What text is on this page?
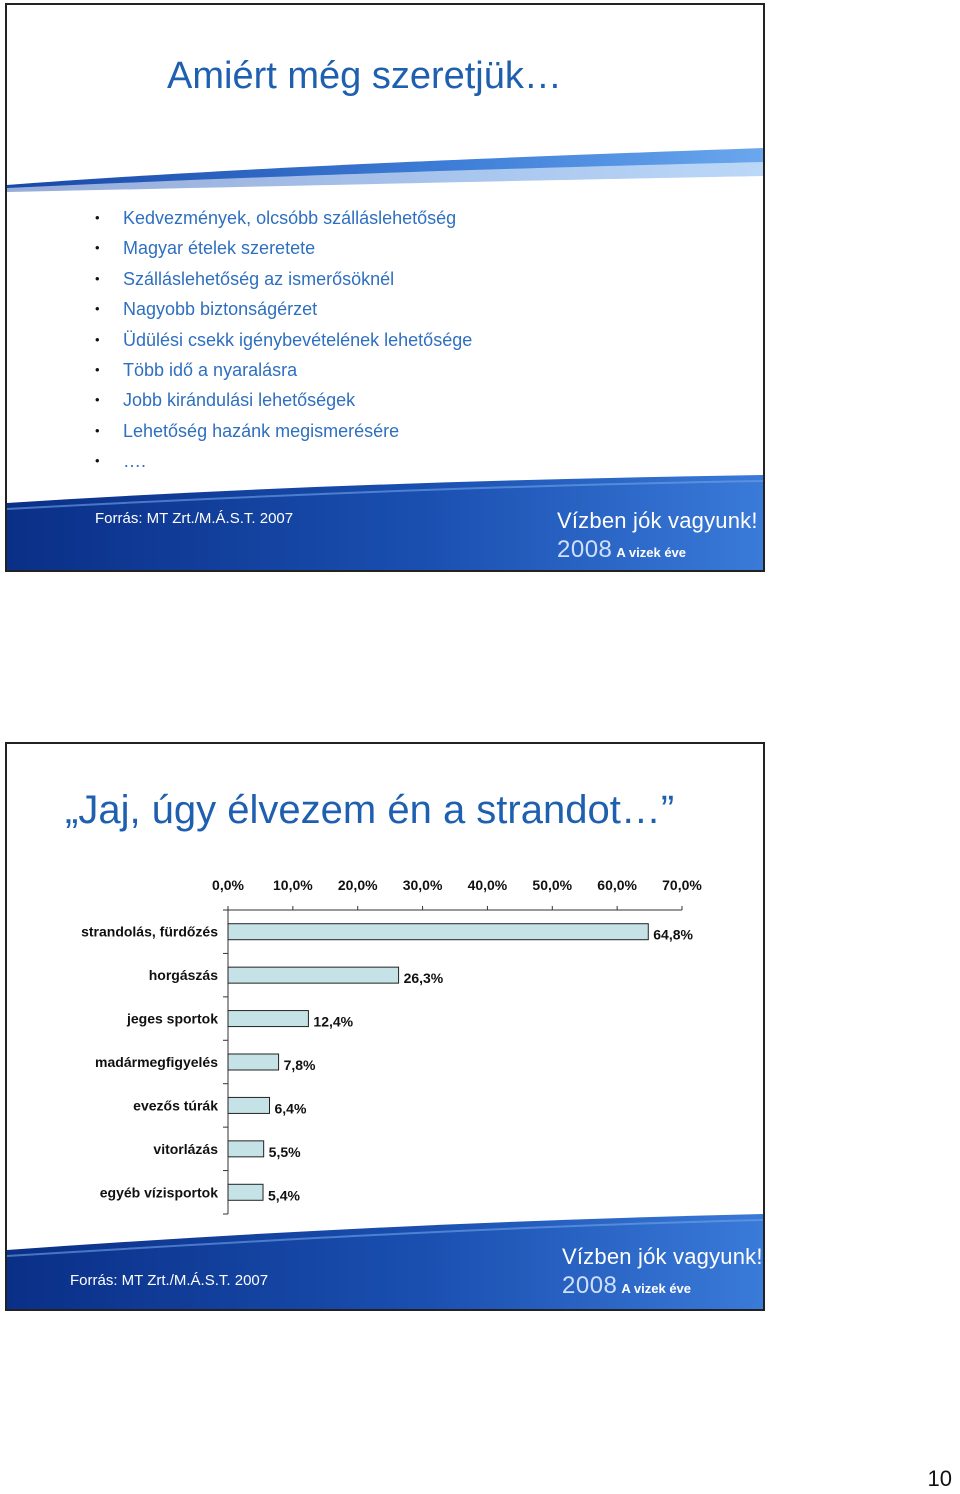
Amiért még szeretjük…
• Kedvezmények, olcsóbb szálláslehetőség
• Magyar ételek szeretete
• Szálláslehetőség az ismerősöknél
• Nagyobb biztonságérzet
• Üdülési csekk igénybevételének lehetősége
• Több idő a nyaralásra
• Jobb kirándulási lehetőségek
• Lehetőség hazánk megismerésére
• ….
Forrás: MT Zrt./M.Á.S.T. 2007	Vízben jók vagyunk!
2008 A vizek éve
„Jaj, úgy élvezem én a strandot…”
0,0% 10,0% 20,0% 30,0% 40,0% 50,0% 60,0% 70,0%
strandolás, fürdőzés	64,8%
horgászás	26,3%
jeges sportok	12,4%
madármegfigyelés	7,8%
evezős túrák	6,4%
vitorlázás	5,5%
egyéb vízisportok	5,4%
Forrás: MT Zrt./M.Á.S.T. 2007
Vízben jók vagyunk!
2008 A vizek éve
10
